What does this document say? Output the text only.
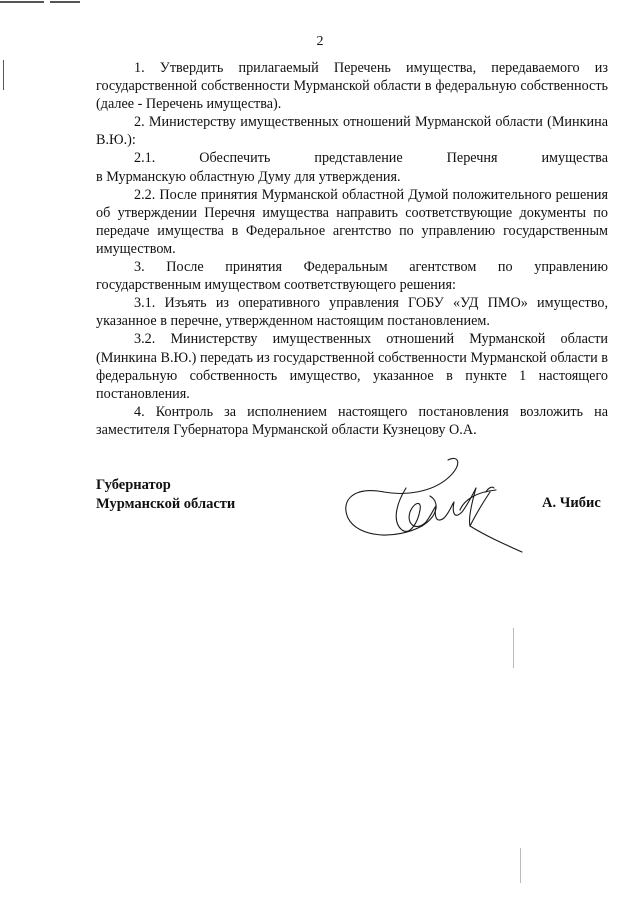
2

1. Утвердить прилагаемый Перечень имущества, передаваемого из государственной собственности Мурманской области в федеральную собственность (далее - Перечень имущества).

2. Министерству имущественных отношений Мурманской области (Минкина В.Ю.):

2.1. Обеспечить представление Перечня имущества

в Мурманскую областную Думу для утверждения.

2.2. После принятия Мурманской областной Думой положительного решения об утверждении Перечня имущества направить соответствующие документы по передаче имущества в Федеральное агентство по управлению государственным имуществом.

3. После принятия Федеральным агентством по управлению государственным имуществом соответствующего решения:

3.1. Изъять из оперативного управления ГОБУ «УД ПМО» имущество, указанное в перечне, утвержденном настоящим постановлением.

3.2. Министерству имущественных отношений Мурманской области (Минкина В.Ю.) передать из государственной собственности Мурманской области в федеральную собственность имущество, указанное в пункте 1 настоящего постановления.

4. Контроль за исполнением настоящего постановления возложить на заместителя Губернатора Мурманской области Кузнецову О.А.

Губернатор
Мурманской области	А. Чибис
